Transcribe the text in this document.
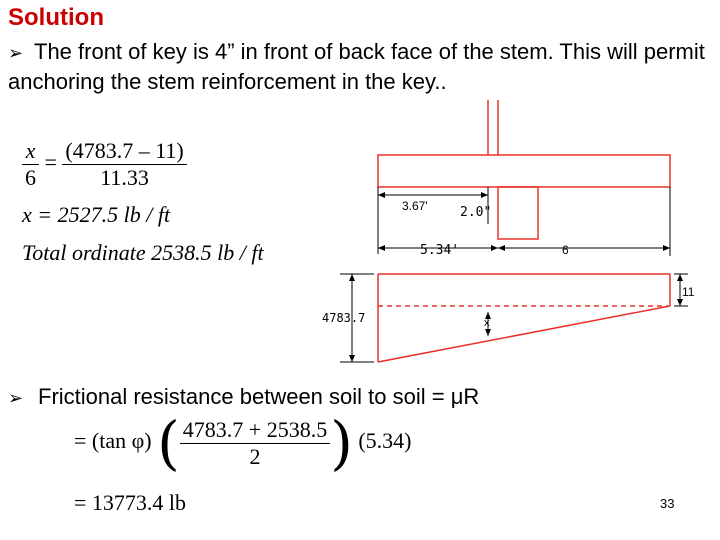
Solution
➢ The front of key is 4” in front of back face of the stem. This will permit anchoring the stem reinforcement in the key..
$\frac{x}{6} = \frac{(4783.7 - 11)}{11.33}$
x = 2527.5 lb / ft
Total ordinate 2538.5 lb / ft
3.67' 2.0"
5.34'	6
11
4783.7	x
➢ Frictional resistance between soil to soil = μR
= (tan φ) ( $\frac{4783.7 + 2538.5}{2}$ ) (5.34)
= 13773.4 lb	33
